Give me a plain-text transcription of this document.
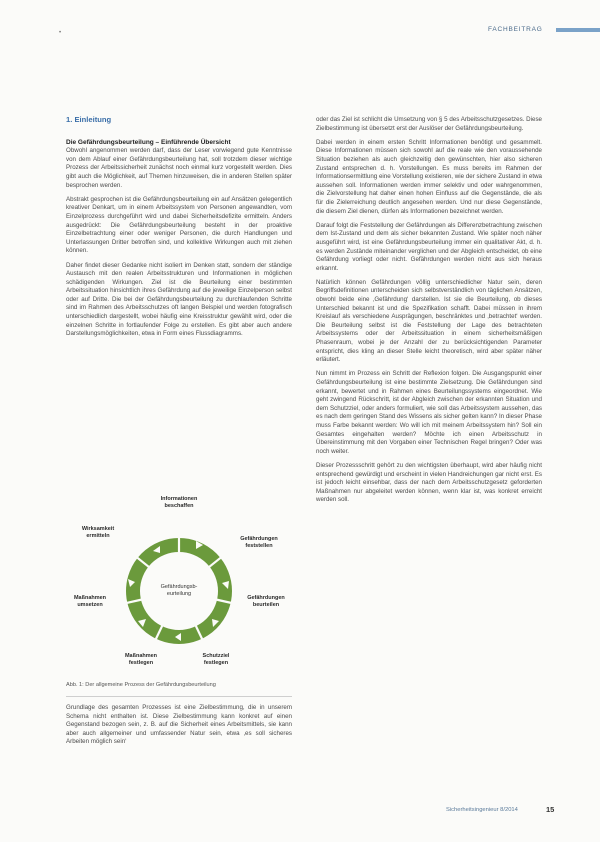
•	FACHBEITRAG

1. Einleitung

Die Gefährdungsbeurteilung – Einführende Übersicht
Obwohl angenommen werden darf, dass der Leser vorwiegend gute Kenntnisse von dem Ablauf einer Gefährdungsbeurteilung hat, soll trotzdem dieser wichtige Prozess der Arbeitssicherheit zunächst noch einmal kurz vorgestellt werden. Dies gibt auch die Möglichkeit, auf Themen hinzuweisen, die in anderen Stellen später besprochen werden.

Abstrakt gesprochen ist die Gefährdungsbeurteilung ein auf Ansätzen gelegentlich kreativer Denkart, um in einem Arbeitssystem von Personen angewandten, vom Einzelprozess durchgeführt wird und dabei Sicherheitsdefizite ermitteln. Anders ausgedrückt: Die Gefährdungsbeurteilung besteht in der proaktive Einzelbetrachtung einer oder weniger Personen, die durch Handlungen und Unterlassungen Dritter betroffen sind, und kollektive Wirkungen auch mit ziehen können.

Daher findet dieser Gedanke nicht isoliert im Denken statt, sondern der ständige Austausch mit den realen Arbeitsstrukturen und Informationen in möglichen schädigenden Wirkungen. Ziel ist die Beurteilung einer bestimmten Arbeitssituation hinsichtlich ihres Gefährdung auf die jeweilige Einzelperson selbst oder auf Dritte. Die bei der Gefährdungsbeurteilung zu durchlaufenden Schritte sind im Rahmen des Arbeitsschutzes oft langen Beispiel und werden fotografisch unterschiedlich dargestellt, wobei häufig eine Kreisstruktur gewählt wird, oder die einzelnen Schritte in fortlaufender Folge zu erstellen. Es gibt aber auch andere Darstellungsmöglichkeiten, etwa in Form eines Flussdiagramms.

Gefährdungsb-eurteilung
Informationen beschaffen
Gefährdungen feststellen
Gefährdungen beurteilen
Schutzziel festlegen
Maßnahmen festlegen
Maßnahmen umsetzen
Wirksamkeit ermitteln
Abb. 1: Der allgemeine Prozess der Gefährdungsbeurteilung

Grundlage des gesamten Prozesses ist eine Zielbestimmung, die in unserem Schema nicht enthalten ist. Diese Zielbestimmung kann konkret auf einen Gegenstand bezogen sein, z. B. auf die Sicherheit eines Arbeitsmittels, sie kann aber auch allgemeiner und umfassender Natur sein, etwa ‚es soll sicheres Arbeiten möglich sein‘

oder das Ziel ist schlicht die Umsetzung von § 5 des Arbeitsschutzgesetzes. Diese Zielbestimmung ist übersetzt erst der Auslöser der Gefährdungsbeurteilung.

Dabei werden in einem ersten Schritt Informationen benötigt und gesammelt. Diese Informationen müssen sich sowohl auf die reale wie den voraussehende Situation beziehen als auch gleichzeitig den gewünschten, hier also sicheren Zustand entsprechen d. h. Vorstellungen. Es muss bereits im Rahmen der Informationsermittlung eine Vorstellung existieren, wie der sichere Zustand in etwa aussehen soll. Informationen werden immer selektiv und oder wahrgenommen, die Zielvorstellung hat daher einen hohen Einfluss auf die Gegenstände, die als für die Zielerreichung deutlich angesehen werden. Und nur diese Gegenstände, die diesem Ziel dienen, dürfen als Informationen bezeichnet werden.

Darauf folgt die Feststellung der Gefährdungen als Differenzbetrachtung zwischen dem Ist-Zustand und dem als sicher bekannten Zustand. Wie später noch näher ausgeführt wird, ist eine Gefährdungsbeurteilung immer ein qualitativer Akt, d. h. es werden Zustände miteinander verglichen und der Abgleich entscheidet, ob eine Gefährdung vorliegt oder nicht. Gefährdungen werden nicht aus sich heraus erkannt.

Natürlich können Gefährdungen völlig unterschiedlicher Natur sein, deren Begriffsdefinitionen unterscheiden sich selbstverständlich von täglichen Ansätzen, obwohl beide eine ‚Gefährdung‘ darstellen. Ist sie die Beurteilung, ob dieses Unterschied bekannt ist und die Spezifikation schafft. Dabei müssen in ihrem Kreislauf als verschiedene Ausprägungen, beschränktes und ‚betrachtet‘ werden. Die Beurteilung selbst ist die Feststellung der Lage des betrachteten Arbeitssystems oder der Arbeitssituation in einem sicherheitsmäßigen Phasenraum, wobei je der Anzahl der zu berücksichtigenden Parameter entspricht, dies kling an dieser Stelle leicht theoretisch, wird aber später näher erläutert.

Nun nimmt im Prozess ein Schritt der Reflexion folgen. Die Ausgangspunkt einer Gefährdungsbeurteilung ist eine bestimmte Zielsetzung. Die Gefährdungen sind erkannt, bewertet und in Rahmen eines Beurteilungssystems eingeordnet. Wie geht zwingend Rückschritt, ist der Abgleich zwischen der erkannten Situation und dem Schutzziel, oder anders formuliert, wie soll das Arbeitssystem aussehen, das es nach dem geringen Stand des Wissens als sicher gelten kann? In dieser Phase muss Farbe bekannt werden: Wo will ich mit meinem Arbeitssystem hin? Soll ein Gesamtes eingehalten werden? Möchte ich einen Arbeitsschutz in Übereinstimmung mit den Vorgaben einer Technischen Regel bringen? Oder was noch weiter.

Dieser Prozessschritt gehört zu den wichtigsten überhaupt, wird aber häufig nicht entsprechend gewürdigt und erscheint in vielen Handreichungen gar nicht erst. Es ist jedoch leicht einsehbar, dass der nach dem Arbeitsschutzgesetz geforderten Maßnahmen nur abgeleitet werden können, wenn klar ist, was konkret erreicht werden soll.

Sicherheitsingenieur 8/2014	15
